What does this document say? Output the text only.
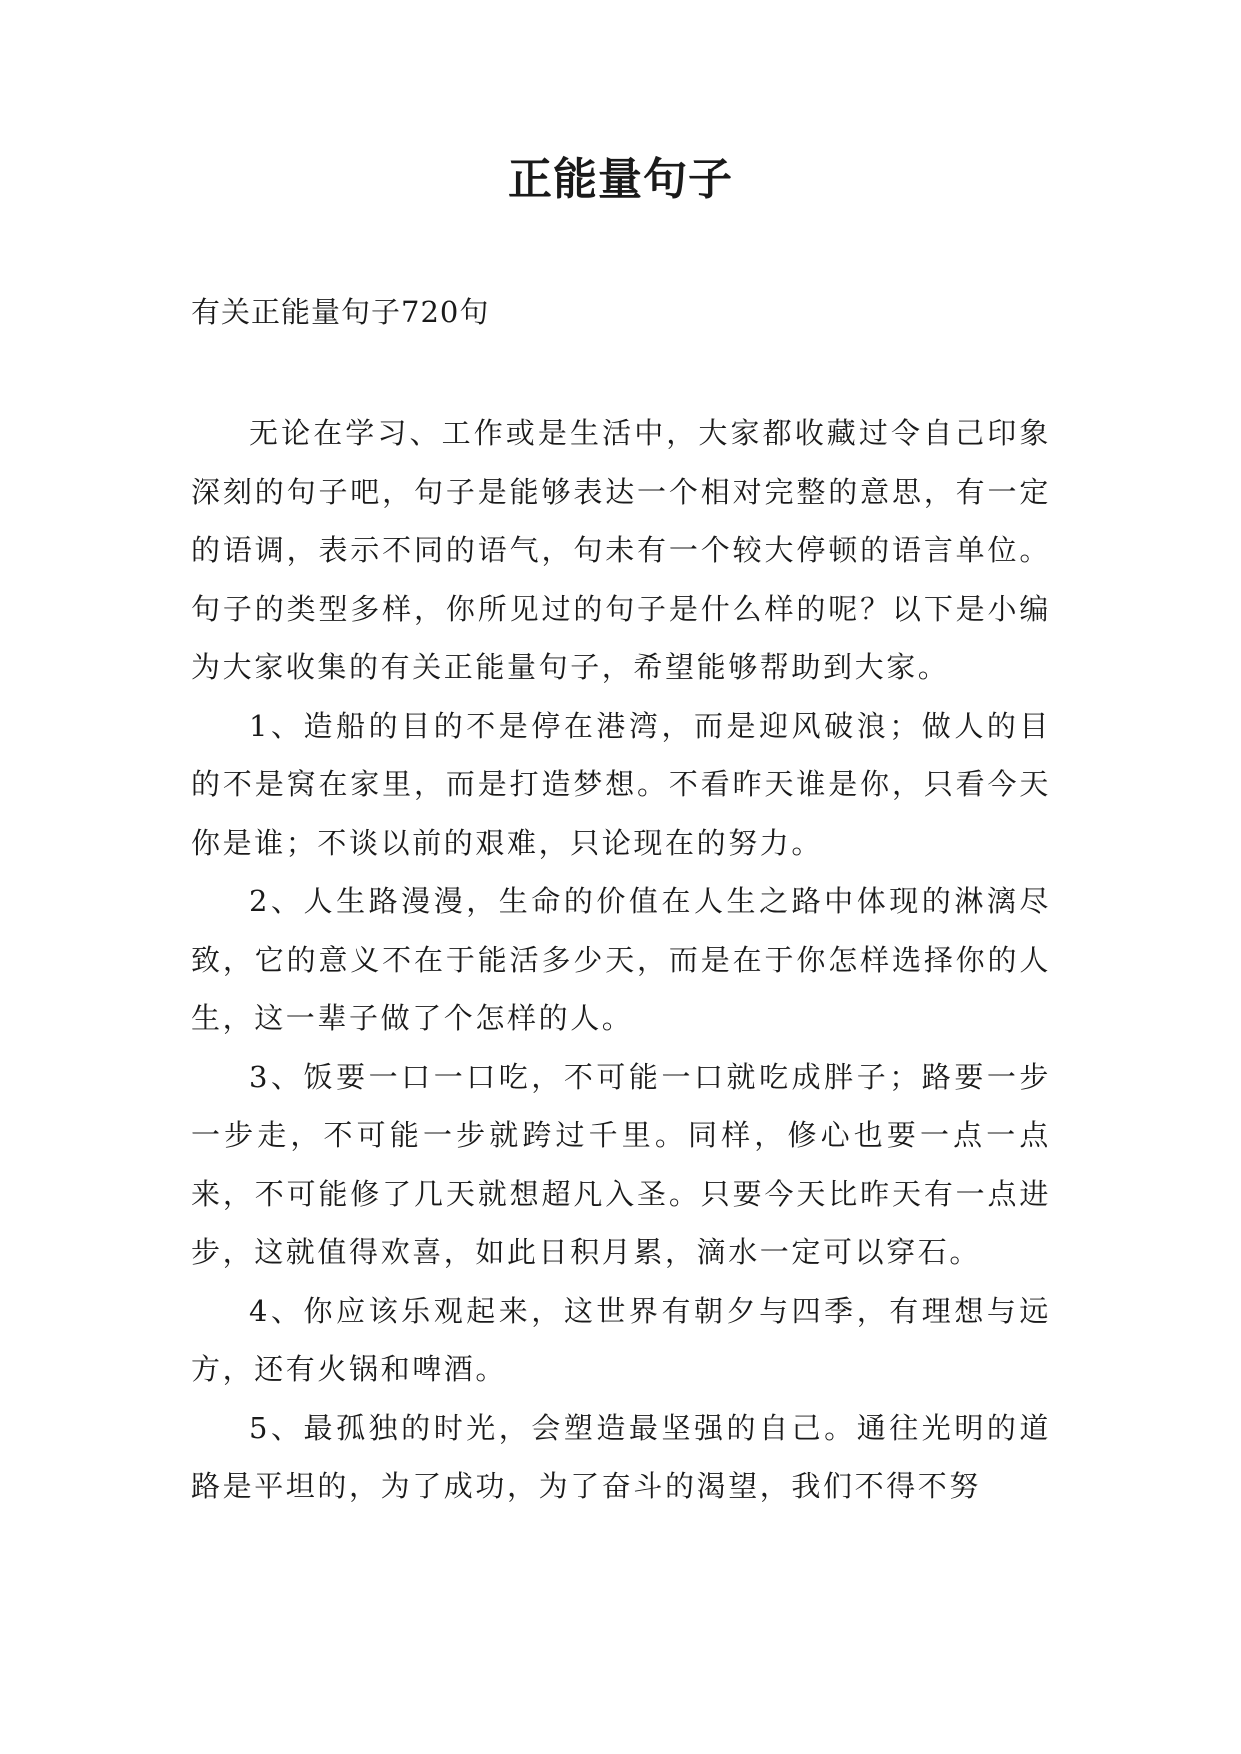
正能量句子

有关正能量句子720句

无论在学习、工作或是生活中，大家都收藏过令自己印象深刻的句子吧，句子是能够表达一个相对完整的意思，有一定的语调，表示不同的语气，句未有一个较大停顿的语言单位。句子的类型多样，你所见过的句子是什么样的呢？以下是小编为大家收集的有关正能量句子，希望能够帮助到大家。

1、造船的目的不是停在港湾，而是迎风破浪；做人的目的不是窝在家里，而是打造梦想。不看昨天谁是你，只看今天你是谁；不谈以前的艰难，只论现在的努力。

2、人生路漫漫，生命的价值在人生之路中体现的淋漓尽致，它的意义不在于能活多少天，而是在于你怎样选择你的人生，这一辈子做了个怎样的人。

3、饭要一口一口吃，不可能一口就吃成胖子；路要一步一步走，不可能一步就跨过千里。同样，修心也要一点一点来，不可能修了几天就想超凡入圣。只要今天比昨天有一点进步，这就值得欢喜，如此日积月累，滴水一定可以穿石。

4、你应该乐观起来，这世界有朝夕与四季，有理想与远方，还有火锅和啤酒。

5、最孤独的时光，会塑造最坚强的自己。通往光明的道路是平坦的，为了成功，为了奋斗的渴望，我们不得不努
